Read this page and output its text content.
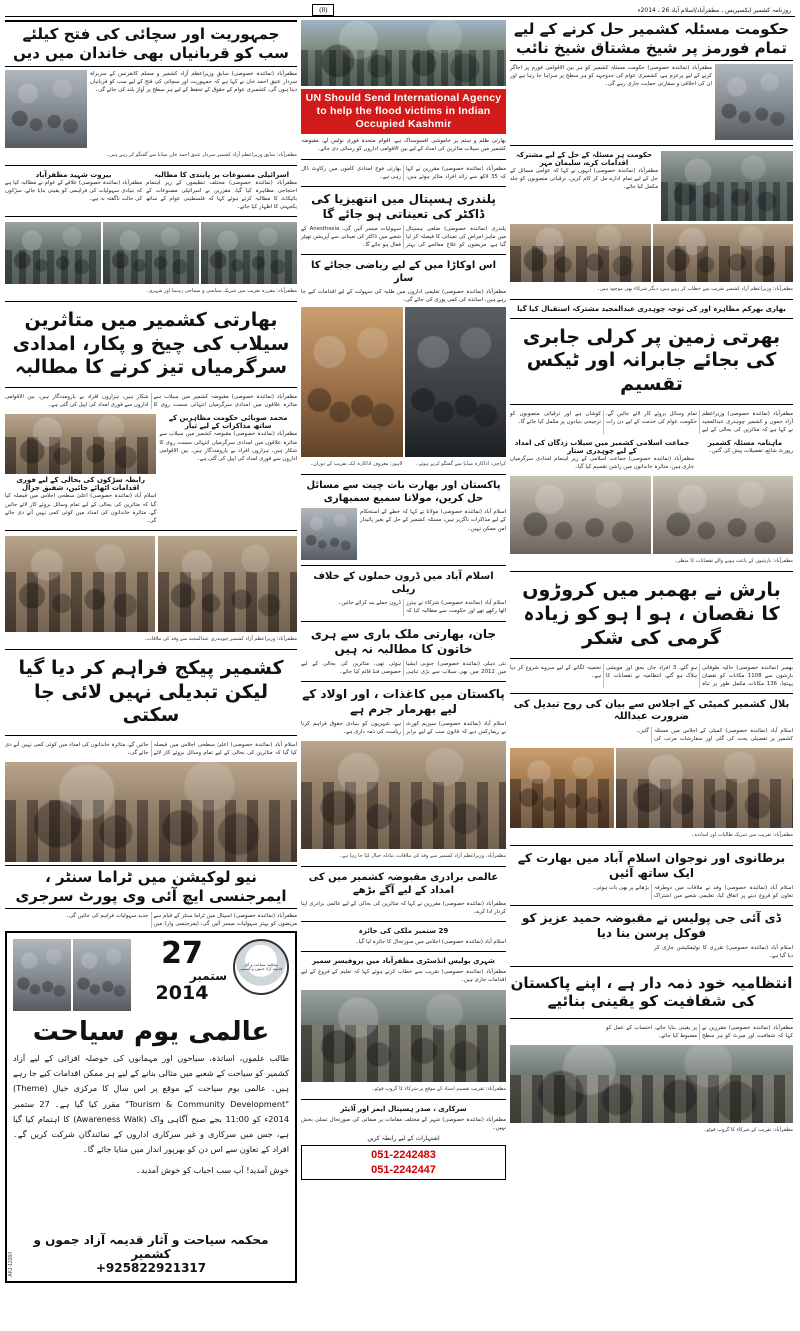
(8)	روزنامہ کشمیر ایکسپریس ، مظفرآباد/اسلام آباد 26 ، 2014ء
جمہوریت اور سچائی کی فتح کیلئے سب کو قربانیاں بھی خاندان میں دیں
مظفرآباد (نمائندہ خصوصی) سابق وزیراعظم آزاد کشمیر و مسلم کانفرنس کے سربراہ سردار عتیق احمد خان نے کہا ہے کہ جمہوریت اور سچائی کی فتح کے لیے سب کو قربانیاں دینا ہوں گی، کشمیری عوام کے حقوق کے تحفظ کے لیے ہر سطح پر آواز بلند کی جائے گی۔
مظفرآباد: سابق وزیراعظم آزاد کشمیر سردار عتیق احمد خان میڈیا سے گفتگو کر رہے ہیں۔
بیروت شہید مظفرآباد
مظفرآباد (نمائندہ خصوصی) علاقے کے عوام نے مطالبہ کیا ہے کہ بنیادی سہولیات کی فراہمی کو یقینی بنایا جائے، سڑکوں کی حالت ناگفتہ بہ ہے۔
اسرائیلی مصنوعات پر پابندی کا مطالبہ
مظفرآباد (نمائندہ خصوصی) مختلف تنظیموں کے زیر اہتمام احتجاجی مظاہرہ کیا گیا، مقررین نے اسرائیلی مصنوعات کے بائیکاٹ کا مطالبہ کرتے ہوئے کہا کہ فلسطینی عوام کے ساتھ یکجہتی کا اظہار کیا جائے۔
مظفرآباد: مقررہ تقریب میں شریک سیاسی و سماجی رہنما اور شہری۔
بھارتی کشمیر میں متاثرین سیلاب کی چیخ و پکار، امدادی سرگرمیاں تیز کرنے کا مطالبہ
مظفرآباد (نمائندہ خصوصی) مقبوضہ کشمیر میں سیلاب سے متاثرہ علاقوں میں امدادی سرگرمیاں انتہائی سست روی کا شکار ہیں، ہزاروں افراد بے یارومددگار ہیں، بین الاقوامی اداروں سے فوری امداد کی اپیل کی گئی ہے۔
رابطہ سڑکوں کی بحالی کے لیے فوری اقدامات اٹھائے جائیں، شفیق جرال
اسلام آباد (نمائندہ خصوصی) اعلیٰ سطحی اجلاس میں فیصلہ کیا گیا کہ متاثرین کی بحالی کے لیے تمام وسائل بروئے کار لائے جائیں گے، متاثرہ خاندانوں کی امداد میں کوئی کمی نہیں آنے دی جائے گی۔
محمد صوبائی حکومت مظاہرین کے ساتھ مذاکرات کے لیے تیار
مظفرآباد (نمائندہ خصوصی) مقبوضہ کشمیر میں سیلاب سے متاثرہ علاقوں میں امدادی سرگرمیاں انتہائی سست روی کا شکار ہیں، ہزاروں افراد بے یارومددگار ہیں، بین الاقوامی اداروں سے فوری امداد کی اپیل کی گئی ہے۔
مظفرآباد: وزیراعظم آزاد کشمیر چوہدری عبدالمجید سے وفد کی ملاقات۔
کشمیر پیکج فراہم کر دیا گیا لیکن تبدیلی نہیں لائی جا سکتی
اسلام آباد (نمائندہ خصوصی) اعلیٰ سطحی اجلاس میں فیصلہ کیا گیا کہ متاثرین کی بحالی کے لیے تمام وسائل بروئے کار لائے جائیں گے، متاثرہ خاندانوں کی امداد میں کوئی کمی نہیں آنے دی جائے گی۔
نیو لوکیشن میں ٹراما سنٹر ، ایمرجنسی ایچ آئی وی پورٹ سرجری
مظفرآباد (نمائندہ خصوصی) اسپتال میں ٹراما سنٹر کے قیام سے مریضوں کو بہتر سہولیات میسر آئیں گی، ایمرجنسی وارڈ میں جدید سہولیات فراہم کی جائیں گی۔
27
ستمبر
2014
محکمہ سیاحت و آثار قدیمہ آزاد جموں و کشمیر
عالمی یوم سیاحت
طالب علموں، اساتذہ، سیاحوں اور مہمانوں کی حوصلہ افزائی کے لیے آزاد کشمیر کو سیاحت کے شعبے میں مثالی بنانے کے لیے ہر ممکن اقدامات کیے جا رہے ہیں۔ عالمی یوم سیاحت کے موقع پر اس سال کا مرکزی خیال (Theme) "Tourism & Community Development" مقرر کیا گیا ہے۔ 27 ستمبر 2014ء کو 11:00 بجے صبح آگاہی واک (Awareness Walk) کا اہتمام کیا گیا ہے، جس میں سرکاری و غیر سرکاری اداروں کے نمائندگان شرکت کریں گے۔ افراد کے تعاون سے اس دن کو بھرپور انداز میں منایا جائے گا۔
خوش آمدید! آپ سب احباب کو خوش آمدید۔
محکمہ سیاحت و آثار قدیمہ آزاد جموں و کشمیر
+925822921317
AKJ-1228/I
UN Should Send International Agency
to help the flood victims in Indian
Occupied Kashmir
بھارتی ظلم و ستم پر خاموشی افسوسناک ہے، اقوام متحدہ فوری نوٹس لے، مقبوضہ کشمیر میں سیلاب متاثرین کی امداد کے لیے بین الاقوامی اداروں کو رسائی دی جائے۔
مظفرآباد (نمائندہ خصوصی) مقررین نے کہا کہ 35 لاکھ سے زائد افراد متاثر ہوئے ہیں، بھارتی فوج امدادی کاموں میں رکاوٹ ڈال رہی ہے۔
پلندری ہسپتال میں انتھیزیا کی ڈاکٹر کی تعیناتی ہو جائے گا
پلندری (نمائندہ خصوصی) ضلعی ہسپتال میں ماہر امراض کی تعیناتی کا فیصلہ کر لیا گیا ہے، مریضوں کو علاج معالجے کی بہتر سہولیات میسر آئیں گی، Anesthesia کے شعبے میں ڈاکٹر کی تعیناتی سے آپریشن تھیٹر فعال ہو جائے گا۔
اس اوکاڑا میں کے لیے ریاضی ججائے کا ساز
مظفرآباد (نمائندہ خصوصی) تعلیمی اداروں میں طلبہ کی سہولت کے لیے اقدامات کیے جا رہے ہیں، اساتذہ کی کمی پوری کی جائے گی۔
لاہور: معروف اداکارہ ایک تقریب کے دوران۔	کراچی: اداکارہ میڈیا سے گفتگو کرتے ہوئے۔
پاکستان اور بھارت بات چیت سے مسائل حل کریں، مولانا سمیع سمبھاری
اسلام آباد (نمائندہ خصوصی) مولانا نے کہا کہ خطے کے استحکام کے لیے مذاکرات ناگزیر ہیں، مسئلہ کشمیر کے حل کے بغیر پائیدار امن ممکن نہیں۔
اسلام آباد میں ڈرون حملوں کے خلاف ریلی
اسلام آباد (نمائندہ خصوصی) شرکاء نے بینرز اٹھا رکھے تھے اور حکومت سے مطالبہ کیا کہ ڈرون حملے بند کرائے جائیں۔
جان، بھارتی ملک باری سے ہری خاتون کا مطالبہ نہ ہیں
نئی دہلی (نمائندہ خصوصی) جنوبی ایشیا میں 2012 میں بھی سیلاب سے بڑی تباہی ہوئی تھی، متاثرین کی بحالی کے لیے خصوصی فنڈ قائم کیا جائے۔
پاکستان میں کاغذات ، اور اولاد کے لیے بھرمار جرم ہے
اسلام آباد (نمائندہ خصوصی) سپریم کورٹ نے ریمارکس دیے کہ قانون سب کے لیے برابر ہے، شہریوں کو بنیادی حقوق فراہم کرنا ریاست کی ذمہ داری ہے۔
مظفرآباد: وزیراعظم آزاد کشمیر سے وفد کی ملاقات، تبادلہ خیال کیا جا رہا ہے۔
عالمی برادری مقبوضہ کشمیر میں کی امداد کے لیے آگے بڑھے
مظفرآباد (نمائندہ خصوصی) مقررین نے کہا کہ متاثرین کی بحالی کے لیے عالمی برادری اپنا کردار ادا کرے۔
29 ستمبر ملکی کی جائزہ
اسلام آباد (نمائندہ خصوصی) اجلاس میں صورتحال کا جائزہ لیا گیا۔
شہری بولیس انڈسٹری مظفرآباد میں پروفیسر سمیر
مظفرآباد (نمائندہ خصوصی) تقریب سے خطاب کرتے ہوئے کہا کہ تعلیم کے فروغ کے لیے اقدامات جاری ہیں۔
مظفرآباد: تقریب تقسیم اسناد کے موقع پر شرکاء کا گروپ فوٹو۔
سرکاری ، صدر ہسپتال ایمز اور آڈیٹر
مظفرآباد (نمائندہ خصوصی) شہر کے مختلف مقامات پر صفائی کی صورتحال تسلی بخش نہیں۔
اشتہارات کے لیے رابطہ کریں
051-2242483
051-2242447
حکومت مسئلہ کشمیر حل کرنے کے لیے تمام فورمز پر شیخ مشتاق شیخ نائب
مظفرآباد (نمائندہ خصوصی) حکومت مسئلہ کشمیر کو ہر بین الاقوامی فورم پر اجاگر کرنے کے لیے پرعزم ہے، کشمیری عوام کی جدوجہد کو ہر سطح پر سراہا جا رہا ہے اور ان کی اخلاقی و سفارتی حمایت جاری رہے گی۔
حکومت ہر مسئلہ کے حل کے لیے مشترکہ اقدامات کرے، سلیمان مہر
مظفرآباد (نمائندہ خصوصی) انہوں نے کہا کہ عوامی مسائل کے حل کے لیے تمام ادارے مل کر کام کریں، ترقیاتی منصوبوں کو جلد مکمل کیا جائے۔
مظفرآباد: وزیراعظم آزاد کشمیر تقریب سے خطاب کر رہے ہیں، دیگر شرکاء بھی موجود ہیں۔
بھاری بھرکم مظاہرہ اور کی توجہ چوہدری عبدالمجید مشترکہ استقبال کیا گیا
بھرتی زمین پر کرلی جابری کی بجائے جابرانہ اور ٹیکس تقسیم
مظفرآباد (نمائندہ خصوصی) وزیراعظم آزاد جموں و کشمیر چوہدری عبدالمجید نے کہا ہے کہ متاثرین کی بحالی کے لیے تمام وسائل بروئے کار لائے جائیں گے، حکومت عوام کی خدمت کے لیے دن رات کوشاں ہے اور ترقیاتی منصوبوں کو ترجیحی بنیادوں پر مکمل کیا جائے گا۔
جماعت اسلامی کشمیر میں سیلاب زدگان کی امداد کے لیے چوہدری ستار
مظفرآباد (نمائندہ خصوصی) جماعت اسلامی کے زیر اہتمام امدادی سرگرمیاں جاری ہیں، متاثرہ خاندانوں میں راشن تقسیم کیا گیا۔
ماہنامہ مسئلہ کشمیر
رپورٹ شائع، تفصیلات پیش کی گئیں۔
مظفرآباد: بارشوں کے باعث ہونے والے نقصانات کا منظر۔
بارش نے بھمبر میں کروڑوں کا نقصان ، ہو ا ہو کو زیادہ گرمی کی شکر
بھمبر (نمائندہ خصوصی) حالیہ طوفانی بارشوں سے 1108 مکانات کو نقصان پہنچا، 136 مکانات مکمل طور پر تباہ ہو گئے، 3 افراد جاں بحق اور مویشی ہلاک ہو گئے، انتظامیہ نے نقصانات کا تخمینہ لگانے کے لیے سروے شروع کر دیا ہے۔
بلال کشمیر کمیٹی کے اجلاس سے بیان کی روح تبدیل کی ضرورت عبداللہ
اسلام آباد (نمائندہ خصوصی) کمیٹی کے اجلاس میں مسئلہ کشمیر پر تفصیلی بحث کی گئی اور سفارشات مرتب کی گئیں۔
مظفرآباد: تقریب میں شریک طالبات اور اساتذہ۔
برطانوی اور نوجوان اسلام آباد میں بھارت کے ایک ساتھ آئیں
اسلام آباد (نمائندہ خصوصی) وفد نے ملاقات میں دوطرفہ تعاون کو فروغ دینے پر اتفاق کیا، تعلیمی شعبے میں اشتراک بڑھانے پر بھی بات ہوئی۔
ڈی آئی جی پولیس نے مقبوضہ حمید عزیز کو فوکل پرسن بنا دیا
اسلام آباد (نمائندہ خصوصی) تقرری کا نوٹیفکیشن جاری کر دیا گیا ہے۔
انتظامیہ خود ذمہ دار ہے ، اپنے پاکستان کی شفافیت کو یقینی بنائیے
مظفرآباد (نمائندہ خصوصی) مقررین نے کہا کہ شفافیت اور میرٹ کو ہر سطح پر یقینی بنایا جائے، احتساب کے عمل کو مضبوط کیا جائے۔
مظفرآباد: تقریب کے شرکاء کا گروپ فوٹو۔
